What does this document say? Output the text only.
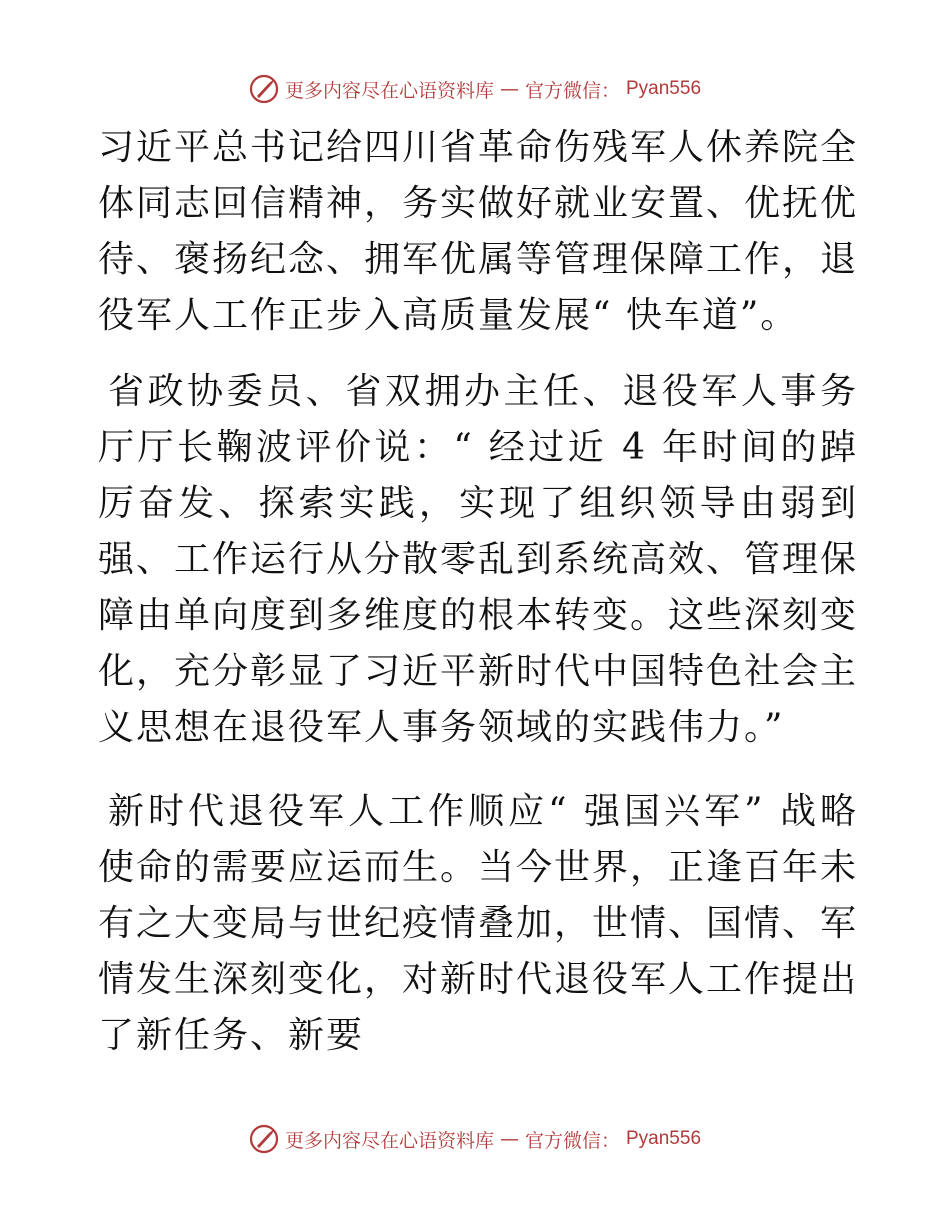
更多内容尽在心语资料库 — 官方微信： Pyan556

习近平总书记给四川省革命伤残军人休养院全体同志回信精神，务实做好就业安置、优抚优待、褒扬纪念、拥军优属等管理保障工作，退役军人工作正步入高质量发展“ 快车道”。

省政协委员、省双拥办主任、退役军人事务厅厅长鞠波评价说：“ 经过近 4 年时间的踔厉奋发、探索实践，实现了组织领导由弱到强、工作运行从分散零乱到系统高效、管理保障由单向度到多维度的根本转变。这些深刻变化，充分彰显了习近平新时代中国特色社会主义思想在退役军人事务领域的实践伟力。”

新时代退役军人工作顺应“ 强国兴军” 战略使命的需要应运而生。当今世界，正逢百年未有之大变局与世纪疫情叠加，世情、国情、军情发生深刻变化，对新时代退役军人工作提出了新任务、新要

更多内容尽在心语资料库 — 官方微信： Pyan556
